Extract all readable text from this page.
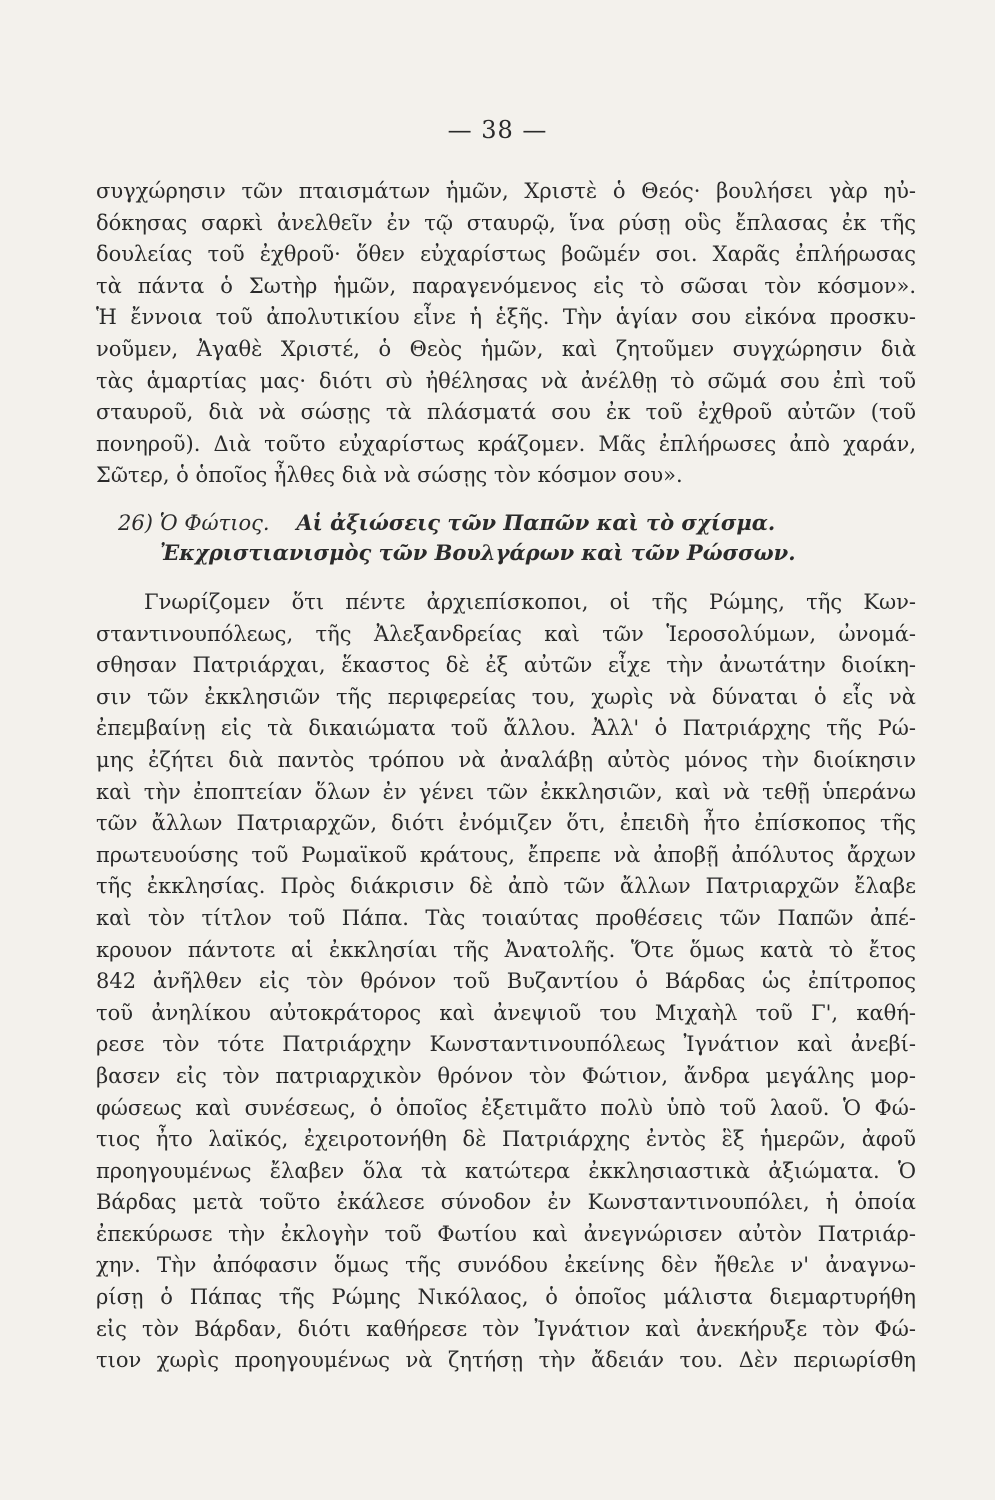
— 38 —
συγχώρησιν τῶν πταισμάτων ἡμῶν, Χριστὲ ὁ Θεός· βουλήσει γὰρ ηὐ-
δόκησας σαρκὶ ἀνελθεῖν ἐν τῷ σταυρῷ, ἵνα ρύσῃ οὓς ἔπλασας ἐκ τῆς
δουλείας τοῦ ἐχθροῦ· ὅθεν εὐχαρίστως βοῶμέν σοι. Χαρᾶς ἐπλήρωσας
τὰ πάντα ὁ Σωτὴρ ἡμῶν, παραγενόμενος εἰς τὸ σῶσαι τὸν κόσμον».
Ἡ ἔννοια τοῦ ἀπολυτικίου εἶνε ἡ ἑξῆς. Τὴν ἁγίαν σου εἰκόνα προσκυ-
νοῦμεν, Ἀγαθὲ Χριστέ, ὁ Θεὸς ἡμῶν, καὶ ζητοῦμεν συγχώρησιν διὰ
τὰς ἁμαρτίας μας· διότι σὺ ἠθέλησας νὰ ἀνέλθῃ τὸ σῶμά σου ἐπὶ τοῦ
σταυροῦ, διὰ νὰ σώσῃς τὰ πλάσματά σου ἐκ τοῦ ἐχθροῦ αὐτῶν (τοῦ
πονηροῦ). Διὰ τοῦτο εὐχαρίστως κράζομεν. Μᾶς ἐπλήρωσες ἀπὸ χαράν,
Σῶτερ, ὁ ὁποῖος ἦλθες διὰ νὰ σώσῃς τὸν κόσμον σου».
26) Ὁ Φώτιος. Αἱ ἀξιώσεις τῶν Παπῶν καὶ τὸ σχίσμα.
Ἐκχριστιανισμὸς τῶν Βουλγάρων καὶ τῶν Ρώσσων.
Γνωρίζομεν ὅτι πέντε ἀρχιεπίσκοποι, οἱ τῆς Ρώμης, τῆς Κων-
σταντινουπόλεως, τῆς Ἀλεξανδρείας καὶ τῶν Ἱεροσολύμων, ὠνομά-
σθησαν Πατριάρχαι, ἕκαστος δὲ ἐξ αὐτῶν εἶχε τὴν ἀνωτάτην διοίκη-
σιν τῶν ἐκκλησιῶν τῆς περιφερείας του, χωρὶς νὰ δύναται ὁ εἷς νὰ
ἐπεμβαίνῃ εἰς τὰ δικαιώματα τοῦ ἄλλου. Ἀλλ' ὁ Πατριάρχης τῆς Ρώ-
μης ἐζήτει διὰ παντὸς τρόπου νὰ ἀναλάβῃ αὐτὸς μόνος τὴν διοίκησιν
καὶ τὴν ἐποπτείαν ὅλων ἐν γένει τῶν ἐκκλησιῶν, καὶ νὰ τεθῇ ὑπεράνω
τῶν ἄλλων Πατριαρχῶν, διότι ἐνόμιζεν ὅτι, ἐπειδὴ ἦτο ἐπίσκοπος τῆς
πρωτευούσης τοῦ Ρωμαϊκοῦ κράτους, ἔπρεπε νὰ ἀποβῇ ἀπόλυτος ἄρχων
τῆς ἐκκλησίας. Πρὸς διάκρισιν δὲ ἀπὸ τῶν ἄλλων Πατριαρχῶν ἔλαβε
καὶ τὸν τίτλον τοῦ Πάπα. Τὰς τοιαύτας προθέσεις τῶν Παπῶν ἀπέ-
κρουον πάντοτε αἱ ἐκκλησίαι τῆς Ἀνατολῆς. Ὅτε ὅμως κατὰ τὸ ἔτος
842 ἀνῆλθεν εἰς τὸν θρόνον τοῦ Βυζαντίου ὁ Βάρδας ὡς ἐπίτροπος
τοῦ ἀνηλίκου αὐτοκράτορος καὶ ἀνεψιοῦ του Μιχαὴλ τοῦ Γ', καθή-
ρεσε τὸν τότε Πατριάρχην Κωνσταντινουπόλεως Ἰγνάτιον καὶ ἀνεβί-
βασεν εἰς τὸν πατριαρχικὸν θρόνον τὸν Φώτιον, ἄνδρα μεγάλης μορ-
φώσεως καὶ συνέσεως, ὁ ὁποῖος ἐξετιμᾶτο πολὺ ὑπὸ τοῦ λαοῦ. Ὁ Φώ-
τιος ἦτο λαϊκός, ἐχειροτονήθη δὲ Πατριάρχης ἐντὸς ἓξ ἡμερῶν, ἀφοῦ
προηγουμένως ἔλαβεν ὅλα τὰ κατώτερα ἐκκλησιαστικὰ ἀξιώματα. Ὁ
Βάρδας μετὰ τοῦτο ἐκάλεσε σύνοδον ἐν Κωνσταντινουπόλει, ἡ ὁποία
ἐπεκύρωσε τὴν ἐκλογὴν τοῦ Φωτίου καὶ ἀνεγνώρισεν αὐτὸν Πατριάρ-
χην. Τὴν ἀπόφασιν ὅμως τῆς συνόδου ἐκείνης δὲν ἤθελε ν' ἀναγνω-
ρίσῃ ὁ Πάπας τῆς Ρώμης Νικόλαος, ὁ ὁποῖος μάλιστα διεμαρτυρήθη
εἰς τὸν Βάρδαν, διότι καθήρεσε τὸν Ἰγνάτιον καὶ ἀνεκήρυξε τὸν Φώ-
τιον χωρὶς προηγουμένως νὰ ζητήσῃ τὴν ἄδειάν του. Δὲν περιωρίσθη
